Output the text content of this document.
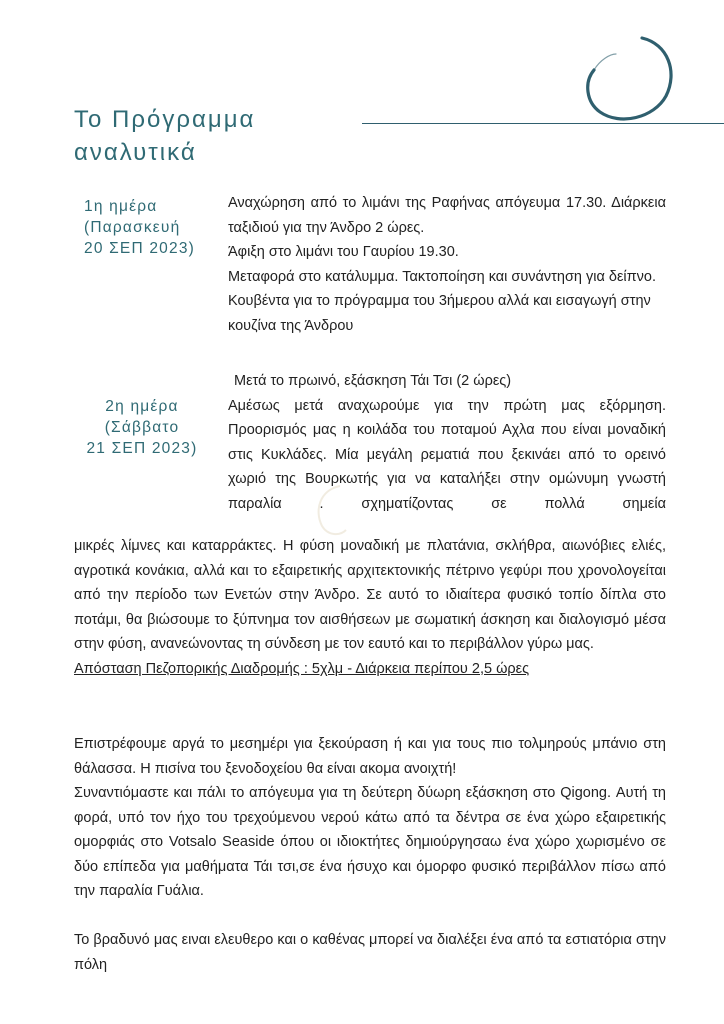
Το Πρόγραμμα
αναλυτικά
1η ημέρα
(Παρασκευή
20 ΣΕΠ 2023)

Αναχώρηση από το λιμάνι της Ραφήνας απόγευμα 17.30. Διάρκεια ταξιδιού για την Άνδρο 2 ώρες.

Άφιξη στο λιμάνι του Γαυρίου 19.30.

Μεταφορά στο κατάλυμμα. Τακτοποίηση και συνάντηση για δείπνο.

Κουβέντα για το πρόγραμμα του 3ήμερου αλλά και εισαγωγή στην κουζίνα της Άνδρου

2η ημέρα
(Σάββατο
21 ΣΕΠ 2023)

Μετά το πρωινό, εξάσκηση Τάι Τσι (2 ώρες)

Αμέσως μετά αναχωρούμε για την πρώτη μας εξόρμηση. Προορισμός μας η κοιλάδα του ποταμού Αχλα που είναι μοναδική στις Κυκλάδες. Μία μεγάλη ρεματιά που ξεκινάει από το ορεινό χωριό της Βουρκωτής για να καταλήξει στην ομώνυμη γνωστή παραλία . σχηματίζοντας σε πολλά σημεία

μικρές λίμνες και καταρράκτες. Η φύση μοναδική με πλατάνια, σκλήθρα, αιωνόβιες ελιές, αγροτικά κονάκια, αλλά και το εξαιρετικής αρχιτεκτονικής πέτρινο γεφύρι που χρονολογείται από την περίοδο των Ενετών στην Άνδρο. Σε αυτό το ιδιαίτερα φυσικό τοπίο δίπλα στο ποτάμι, θα βιώσουμε το ξύπνημα τον αισθήσεων με σωματική άσκηση και διαλογισμό μέσα στην φύση, ανανεώνοντας τη σύνδεση με τον εαυτό και το περιβάλλον γύρω μας.

Απόσταση Πεζοπορικής Διαδρομής : 5χλμ - Διάρκεια περίπου 2,5 ώρες

Επιστρέφουμε αργά το μεσημέρι για ξεκούραση ή και για τους πιο τολμηρούς μπάνιο στη θάλασσα. Η πισίνα του ξενοδοχείου θα είναι ακομα ανοιχτή!

Συναντιόμαστε και πάλι το απόγευμα για τη δεύτερη δύωρη εξάσκηση στο Qigong. Αυτή τη φορά, υπό τον ήχο του τρεχούμενου νερού κάτω από τα δέντρα σε ένα χώρο εξαιρετικής ομορφιάς στο Votsalo Seaside όπου οι ιδιοκτήτες δημιούργησαω ένα χώρο χωρισμένο σε δύο επίπεδα για μαθήματα Τάι τσι,σε ένα ήσυχο και όμορφο φυσικό περιβάλλον πίσω από την παραλία Γυάλια.

Το βραδυνό μας ειναι ελευθερο και ο καθένας μπορεί να διαλέξει ένα από τα εστιατόρια στην πόλη
